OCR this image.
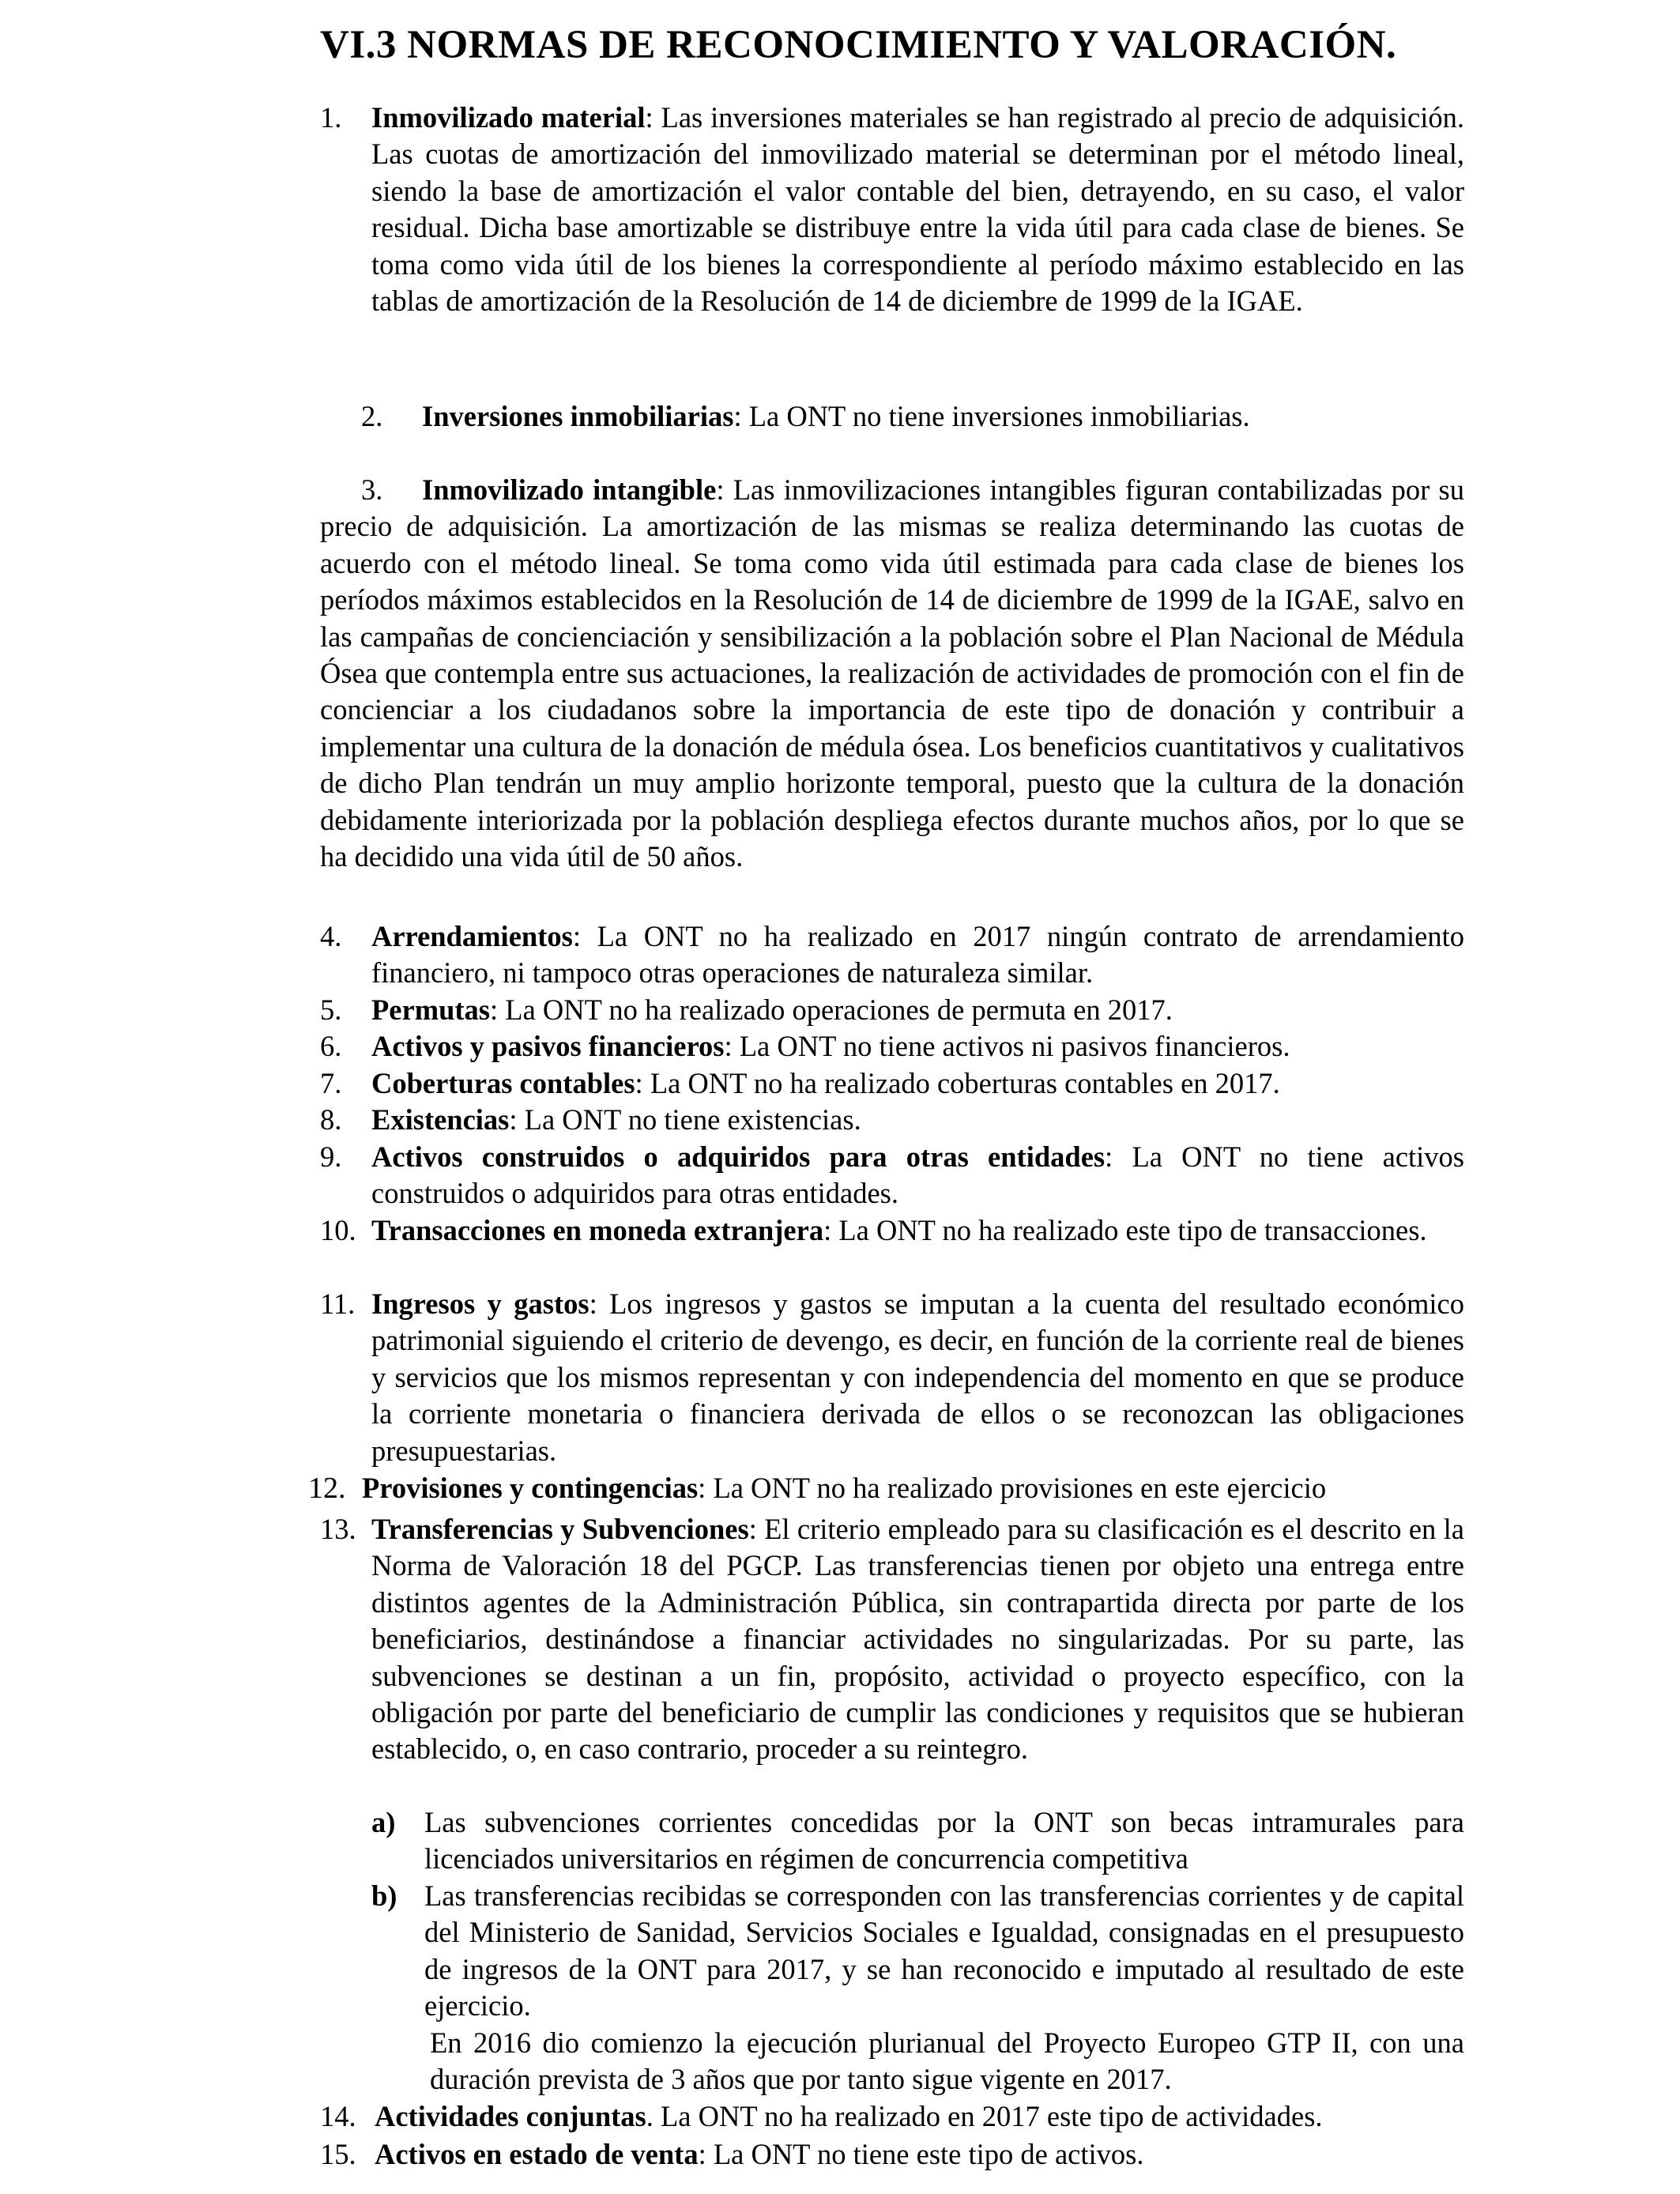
VI.3 NORMAS DE RECONOCIMIENTO Y VALORACIÓN.
1. Inmovilizado material: Las inversiones materiales se han registrado al precio de adquisición. Las cuotas de amortización del inmovilizado material se determinan por el método lineal, siendo la base de amortización el valor contable del bien, detrayendo, en su caso, el valor residual. Dicha base amortizable se distribuye entre la vida útil para cada clase de bienes. Se toma como vida útil de los bienes la correspondiente al período máximo establecido en las tablas de amortización de la Resolución de 14 de diciembre de 1999 de la IGAE.
2. Inversiones inmobiliarias: La ONT no tiene inversiones inmobiliarias.
3.	Inmovilizado intangible: Las inmovilizaciones intangibles figuran contabilizadas por su precio de adquisición. La amortización de las mismas se realiza determinando las cuotas de acuerdo con el método lineal. Se toma como vida útil estimada para cada clase de bienes los períodos máximos establecidos en la Resolución de 14 de diciembre de 1999 de la IGAE, salvo en las campañas de concienciación y sensibilización a la población sobre el Plan Nacional de Médula Ósea que contempla entre sus actuaciones, la realización de actividades de promoción con el fin de concienciar a los ciudadanos sobre la importancia de este tipo de donación y contribuir a implementar una cultura de la donación de médula ósea. Los beneficios cuantitativos y cualitativos de dicho Plan tendrán un muy amplio horizonte temporal, puesto que la cultura de la donación debidamente interiorizada por la población despliega efectos durante muchos años, por lo que se ha decidido una vida útil de 50 años.
4. Arrendamientos: La ONT no ha realizado en 2017 ningún contrato de arrendamiento financiero, ni tampoco otras operaciones de naturaleza similar.
5. Permutas: La ONT no ha realizado operaciones de permuta en 2017.
6. Activos y pasivos financieros: La ONT no tiene activos ni pasivos financieros.
7. Coberturas contables: La ONT no ha realizado coberturas contables en 2017.
8. Existencias: La ONT no tiene existencias.
9. Activos construidos o adquiridos para otras entidades: La ONT no tiene activos construidos o adquiridos para otras entidades.
10. Transacciones en moneda extranjera: La ONT no ha realizado este tipo de transacciones.
11. Ingresos y gastos: Los ingresos y gastos se imputan a la cuenta del resultado económico patrimonial siguiendo el criterio de devengo, es decir, en función de la corriente real de bienes y servicios que los mismos representan y con independencia del momento en que se produce la corriente monetaria o financiera derivada de ellos o se reconozcan las obligaciones presupuestarias.
12. Provisiones y contingencias: La ONT no ha realizado provisiones en este ejercicio
13. Transferencias y Subvenciones: El criterio empleado para su clasificación es el descrito en la Norma de Valoración 18 del PGCP. Las transferencias tienen por objeto una entrega entre distintos agentes de la Administración Pública, sin contrapartida directa por parte de los beneficiarios, destinándose a financiar actividades no singularizadas. Por su parte, las subvenciones se destinan a un fin, propósito, actividad o proyecto específico, con la obligación por parte del beneficiario de cumplir las condiciones y requisitos que se hubieran establecido, o, en caso contrario, proceder a su reintegro.
a) Las subvenciones corrientes concedidas por la ONT son becas intramurales para licenciados universitarios en régimen de concurrencia competitiva
b) Las transferencias recibidas se corresponden con las transferencias corrientes y de capital del Ministerio de Sanidad, Servicios Sociales e Igualdad, consignadas en el presupuesto de ingresos de la ONT para 2017, y se han reconocido e imputado al resultado de este ejercicio.
En 2016 dio comienzo la ejecución plurianual del Proyecto Europeo GTP II, con una duración prevista de 3 años que por tanto sigue vigente en 2017.
14. Actividades conjuntas. La ONT no ha realizado en 2017 este tipo de actividades.
15. Activos en estado de venta: La ONT no tiene este tipo de activos.
